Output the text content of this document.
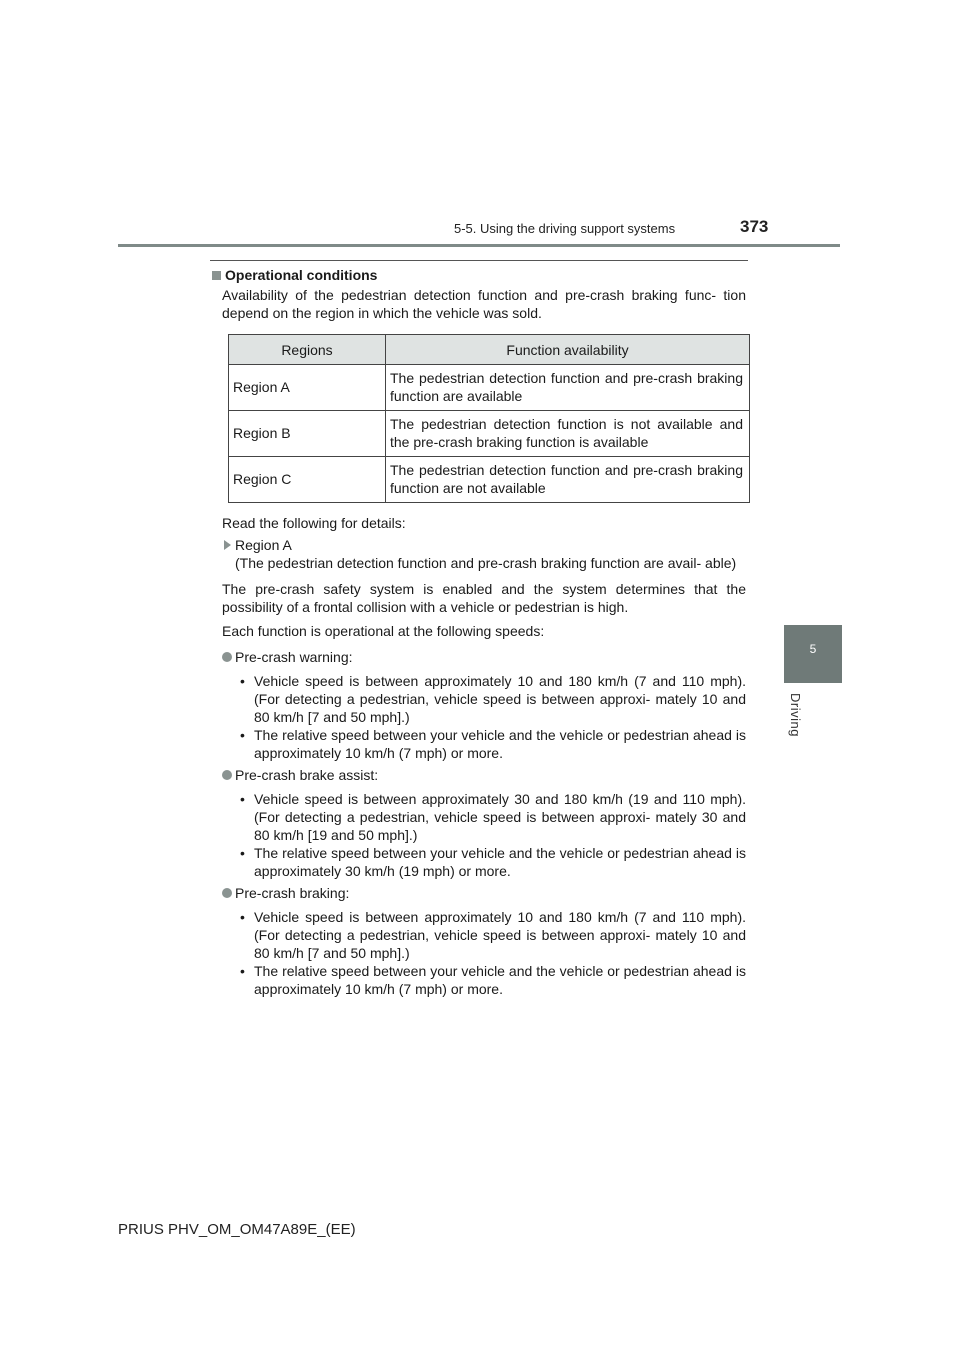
5-5. Using the driving support systems	373
5
Driving
Operational conditions

Availability of the pedestrian detection function and pre-crash braking func- tion depend on the region in which the vehicle was sold.

Regions	Function availability
Region A	The pedestrian detection function and pre-crash braking function are available
Region B	The pedestrian detection function is not available and the pre-crash braking function is available
Region C	The pedestrian detection function and pre-crash braking function are not available

Read the following for details:

Region A

(The pedestrian detection function and pre-crash braking function are avail- able)

The pre-crash safety system is enabled and the system determines that the possibility of a frontal collision with a vehicle or pedestrian is high.

Each function is operational at the following speeds:

Pre-crash warning:
• Vehicle speed is between approximately 10 and 180 km/h (7 and 110 mph). (For detecting a pedestrian, vehicle speed is between approxi- mately 10 and 80 km/h [7 and 50 mph].)
• The relative speed between your vehicle and the vehicle or pedestrian ahead is approximately 10 km/h (7 mph) or more.
Pre-crash brake assist:
• Vehicle speed is between approximately 30 and 180 km/h (19 and 110 mph). (For detecting a pedestrian, vehicle speed is between approxi- mately 30 and 80 km/h [19 and 50 mph].)
• The relative speed between your vehicle and the vehicle or pedestrian ahead is approximately 30 km/h (19 mph) or more.
Pre-crash braking:
• Vehicle speed is between approximately 10 and 180 km/h (7 and 110 mph). (For detecting a pedestrian, vehicle speed is between approxi- mately 10 and 80 km/h [7 and 50 mph].)
• The relative speed between your vehicle and the vehicle or pedestrian ahead is approximately 10 km/h (7 mph) or more.
PRIUS PHV_OM_OM47A89E_(EE)
